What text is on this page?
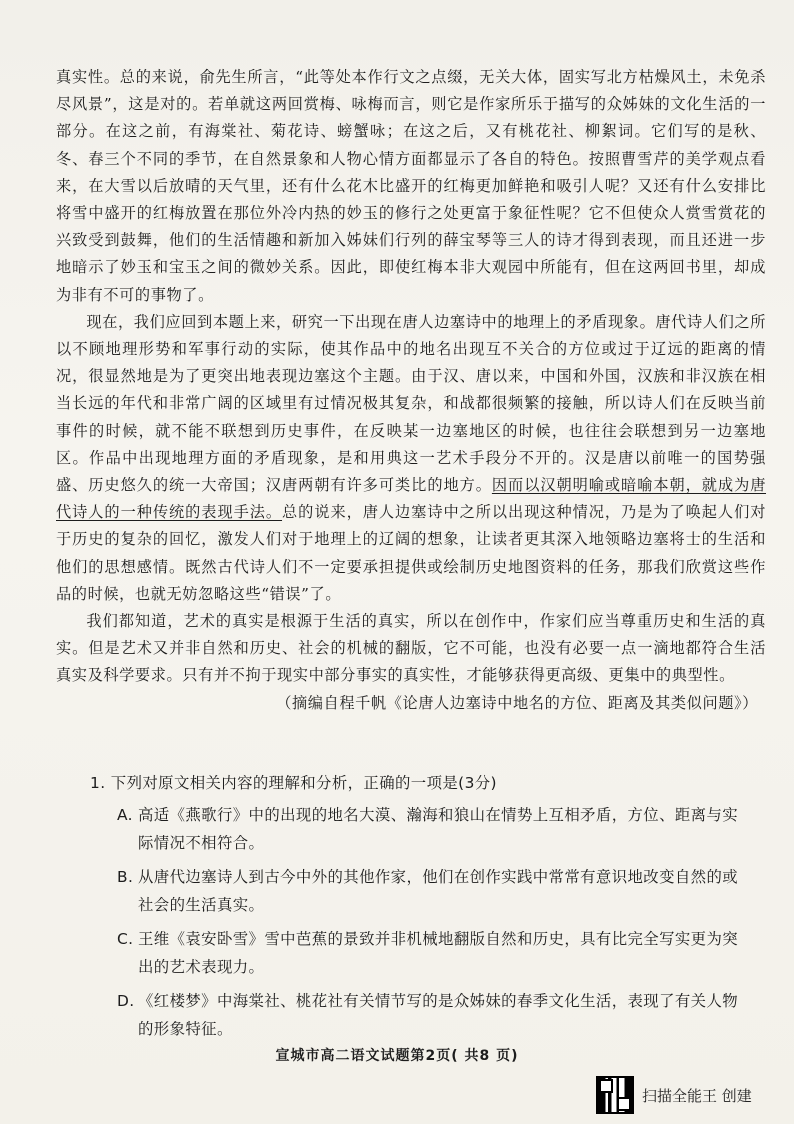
真实性。总的来说，俞先生所言，“此等处本作行文之点缀，无关大体，固实写北方枯燥风土，未免杀尽风景”，这是对的。若单就这两回赏梅、咏梅而言，则它是作家所乐于描写的众姊妹的文化生活的一部分。在这之前，有海棠社、菊花诗、螃蟹咏；在这之后，又有桃花社、柳絮词。它们写的是秋、冬、春三个不同的季节，在自然景象和人物心情方面都显示了各自的特色。按照曹雪芹的美学观点看来，在大雪以后放晴的天气里，还有什么花木比盛开的红梅更加鲜艳和吸引人呢？又还有什么安排比将雪中盛开的红梅放置在那位外冷内热的妙玉的修行之处更富于象征性呢？它不但使众人赏雪赏花的兴致受到鼓舞，他们的生活情趣和新加入姊妹们行列的薛宝琴等三人的诗才得到表现，而且还进一步地暗示了妙玉和宝玉之间的微妙关系。因此，即使红梅本非大观园中所能有，但在这两回书里，却成为非有不可的事物了。

现在，我们应回到本题上来，研究一下出现在唐人边塞诗中的地理上的矛盾现象。唐代诗人们之所以不顾地理形势和军事行动的实际，使其作品中的地名出现互不关合的方位或过于辽远的距离的情况，很显然地是为了更突出地表现边塞这个主题。由于汉、唐以来，中国和外国，汉族和非汉族在相当长远的年代和非常广阔的区域里有过情况极其复杂，和战都很频繁的接触，所以诗人们在反映当前事件的时候，就不能不联想到历史事件，在反映某一边塞地区的时候，也往往会联想到另一边塞地区。作品中出现地理方面的矛盾现象，是和用典这一艺术手段分不开的。汉是唐以前唯一的国势强盛、历史悠久的统一大帝国；汉唐两朝有许多可类比的地方。因而以汉朝明喻或暗喻本朝，就成为唐代诗人的一种传统的表现手法。总的说来，唐人边塞诗中之所以出现这种情况，乃是为了唤起人们对于历史的复杂的回忆，激发人们对于地理上的辽阔的想象，让读者更其深入地领略边塞将士的生活和他们的思想感情。既然古代诗人们不一定要承担提供或绘制历史地图资料的任务，那我们欣赏这些作品的时候，也就无妨忽略这些“错误”了。

我们都知道，艺术的真实是根源于生活的真实，所以在创作中，作家们应当尊重历史和生活的真实。但是艺术又并非自然和历史、社会的机械的翻版，它不可能，也没有必要一点一滴地都符合生活真实及科学要求。只有并不拘于现实中部分事实的真实性，才能够获得更高级、更集中的典型性。

（摘编自程千帆《论唐人边塞诗中地名的方位、距离及其类似问题》）

1. 下列对原文相关内容的理解和分析，正确的一项是(3分)

A. 高适《燕歌行》中的出现的地名大漠、瀚海和狼山在情势上互相矛盾，方位、距离与实际情况不相符合。

B. 从唐代边塞诗人到古今中外的其他作家，他们在创作实践中常常有意识地改变自然的或社会的生活真实。

C. 王维《袁安卧雪》雪中芭蕉的景致并非机械地翻版自然和历史，具有比完全写实更为突出的艺术表现力。

D. 《红楼梦》中海棠社、桃花社有关情节写的是众姊妹的春季文化生活，表现了有关人物的形象特征。

宣城市高二语文试题第2页( 共8 页)
扫描全能王 创建
